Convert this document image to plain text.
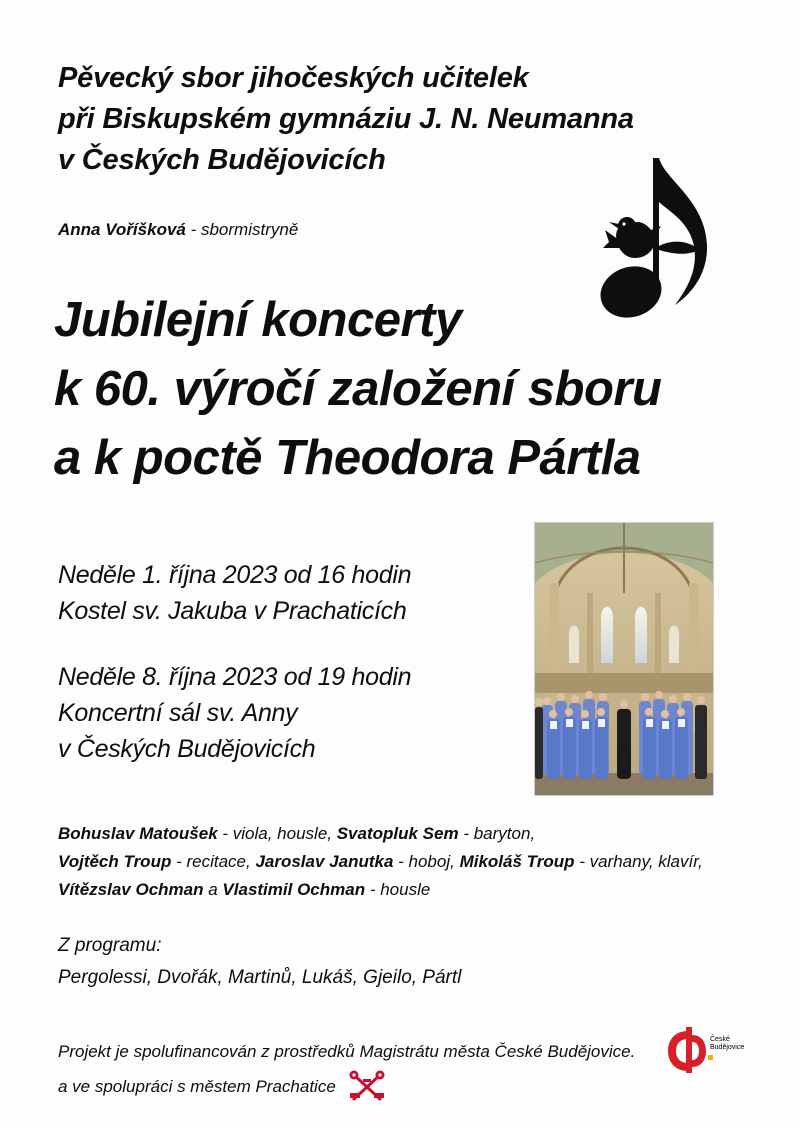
Pěvecký sbor jihočeských učitelek
při Biskupském gymnáziu J. N. Neumanna
v Českých Budějovicích
Anna Voříšková - sbormistryně
Jubilejní koncerty
k 60. výročí založení sboru
a k poctě Theodora Pártla
Neděle 1. října 2023 od 16 hodin
Kostel sv. Jakuba v Prachaticích
Neděle 8. října 2023 od 19 hodin
Koncertní sál sv. Anny
v Českých Budějovicích
Bohuslav Matoušek - viola, housle, Svatopluk Sem - baryton,
Vojtěch Troup - recitace, Jaroslav Janutka - hoboj, Mikoláš Troup - varhany, klavír,
Vítězslav Ochman a Vlastimil Ochman - housle
Z programu:
Pergolessi, Dvořák, Martinů, Lukáš, Gjeilo, Pártl
Projekt je spolufinancován z prostředků Magistrátu města České Budějovice.
České
Budějovice
a ve spolupráci s městem Prachatice
